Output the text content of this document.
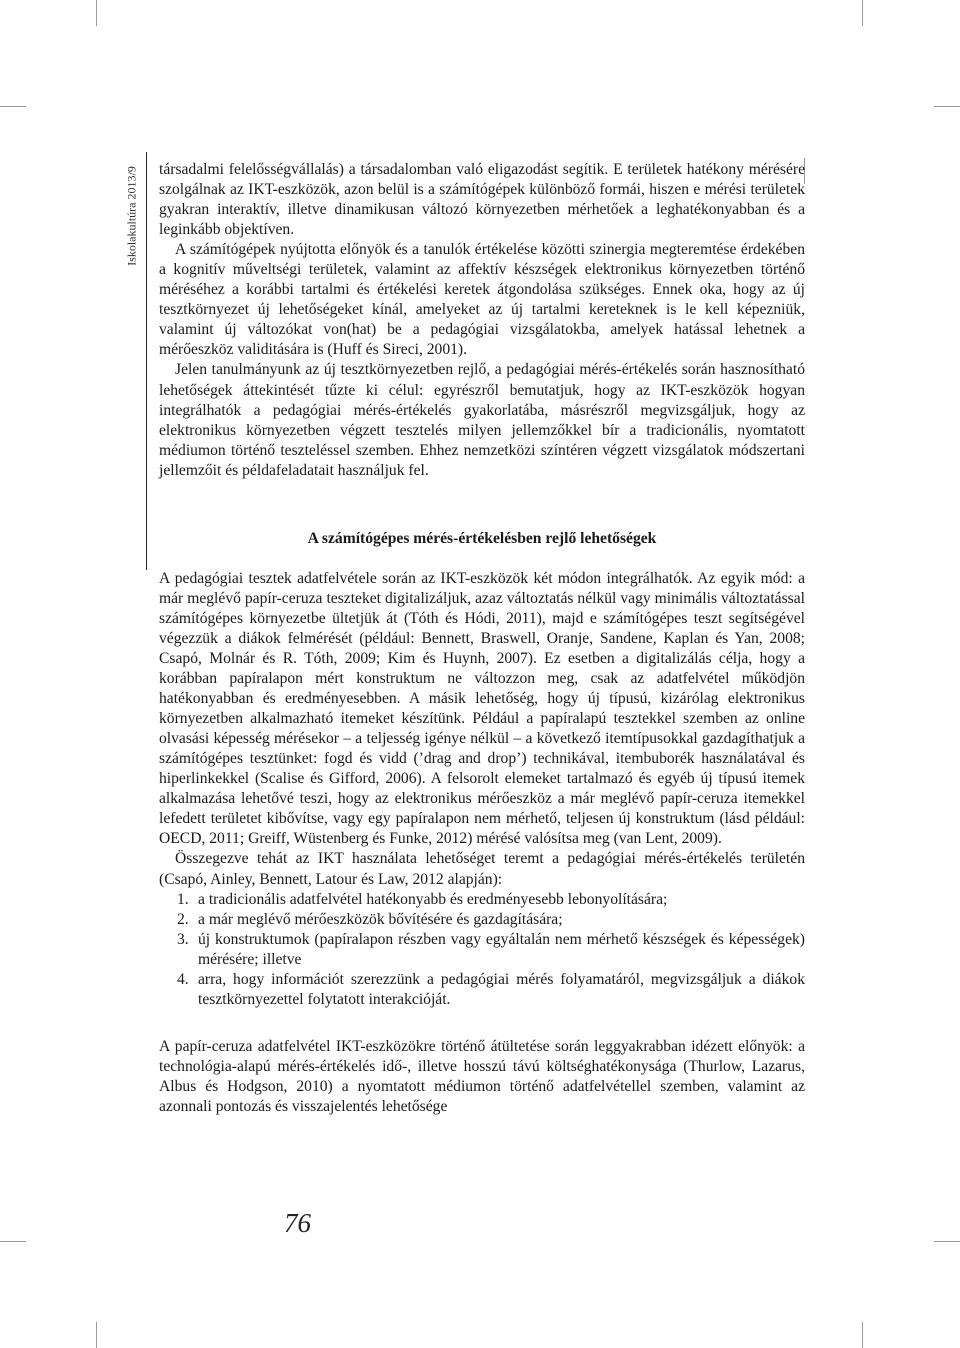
Iskolakultúra 2013/9 társadalmi felelősségvállalás) a társadalomban való eligazodást segítik. E területek hatékony mérésére szolgálnak az IKT-eszközök, azon belül is a számítógépek különböző formái, hiszen e mérési területek gyakran interaktív, illetve dinamikusan változó környezetben mérhetőek a leghatékonyabban és a leginkább objektíven.

A számítógépek nyújtotta előnyök és a tanulók értékelése közötti szinergia megteremtése érdekében a kognitív műveltségi területek, valamint az affektív készségek elektronikus környezetben történő méréséhez a korábbi tartalmi és értékelési keretek átgondolása szükséges. Ennek oka, hogy az új tesztkörnyezet új lehetőségeket kínál, amelyeket az új tartalmi kereteknek is le kell képezniük, valamint új változókat von(hat) be a pedagógiai vizsgálatokba, amelyek hatással lehetnek a mérőeszköz validitására is (Huff és Sireci, 2001).

Jelen tanulmányunk az új tesztkörnyezetben rejlő, a pedagógiai mérés-értékelés során hasznosítható lehetőségek áttekintését tűzte ki célul: egyrészről bemutatjuk, hogy az IKT-eszközök hogyan integrálhatók a pedagógiai mérés-értékelés gyakorlatába, másrészről megvizsgáljuk, hogy az elektronikus környezetben végzett tesztelés milyen jellemzőkkel bír a tradicionális, nyomtatott médiumon történő teszteléssel szemben. Ehhez nemzetközi színtéren végzett vizsgálatok módszertani jellemzőit és példafeladatait használjuk fel.

A számítógépes mérés-értékelésben rejlő lehetőségek

A pedagógiai tesztek adatfelvétele során az IKT-eszközök két módon integrálhatók. Az egyik mód: a már meglévő papír-ceruza teszteket digitalizáljuk, azaz változtatás nélkül vagy minimális változtatással számítógépes környezetbe ültetjük át (Tóth és Hódi, 2011), majd e számítógépes teszt segítségével végezzük a diákok felmérését (például: Bennett, Braswell, Oranje, Sandene, Kaplan és Yan, 2008; Csapó, Molnár és R. Tóth, 2009; Kim és Huynh, 2007). Ez esetben a digitalizálás célja, hogy a korábban papíralapon mért konstruktum ne változzon meg, csak az adatfelvétel működjön hatékonyabban és eredményesebben. A másik lehetőség, hogy új típusú, kizárólag elektronikus környezetben alkalmazható itemeket készítünk. Például a papíralapú tesztekkel szemben az online olvasási képesség mérésekor – a teljesség igénye nélkül – a következő itemtípusokkal gazdagíthatjuk a számítógépes tesztünket: fogd és vidd (’drag and drop’) technikával, itembuborék használatával és hiperlinkekkel (Scalise és Gifford, 2006). A felsorolt elemeket tartalmazó és egyéb új típusú itemek alkalmazása lehetővé teszi, hogy az elektronikus mérőeszköz a már meglévő papír-ceruza itemekkel lefedett területet kibővítse, vagy egy papíralapon nem mérhető, teljesen új konstruktum (lásd például: OECD, 2011; Greiff, Wüstenberg és Funke, 2012) mérésé valósítsa meg (van Lent, 2009).

Összegezve tehát az IKT használata lehetőséget teremt a pedagógiai mérés-értékelés területén (Csapó, Ainley, Bennett, Latour és Law, 2012 alapján):

1. a tradicionális adatfelvétel hatékonyabb és eredményesebb lebonyolítására;
2. a már meglévő mérőeszközök bővítésére és gazdagítására;
3. új konstruktumok (papíralapon részben vagy egyáltalán nem mérhető készségek és képességek) mérésére; illetve
4. arra, hogy információt szerezzünk a pedagógiai mérés folyamatáról, megvizsgáljuk a diákok tesztkörnyezettel folytatott interakcióját.

A papír-ceruza adatfelvétel IKT-eszközökre történő átültetése során leggyakrabban idézett előnyök: a technológia-alapú mérés-értékelés idő-, illetve hosszú távú költséghatékonysága (Thurlow, Lazarus, Albus és Hodgson, 2010) a nyomtatott médiumon történő adatfelvétellel szemben, valamint az azonnali pontozás és visszajelentés lehetősége

76
